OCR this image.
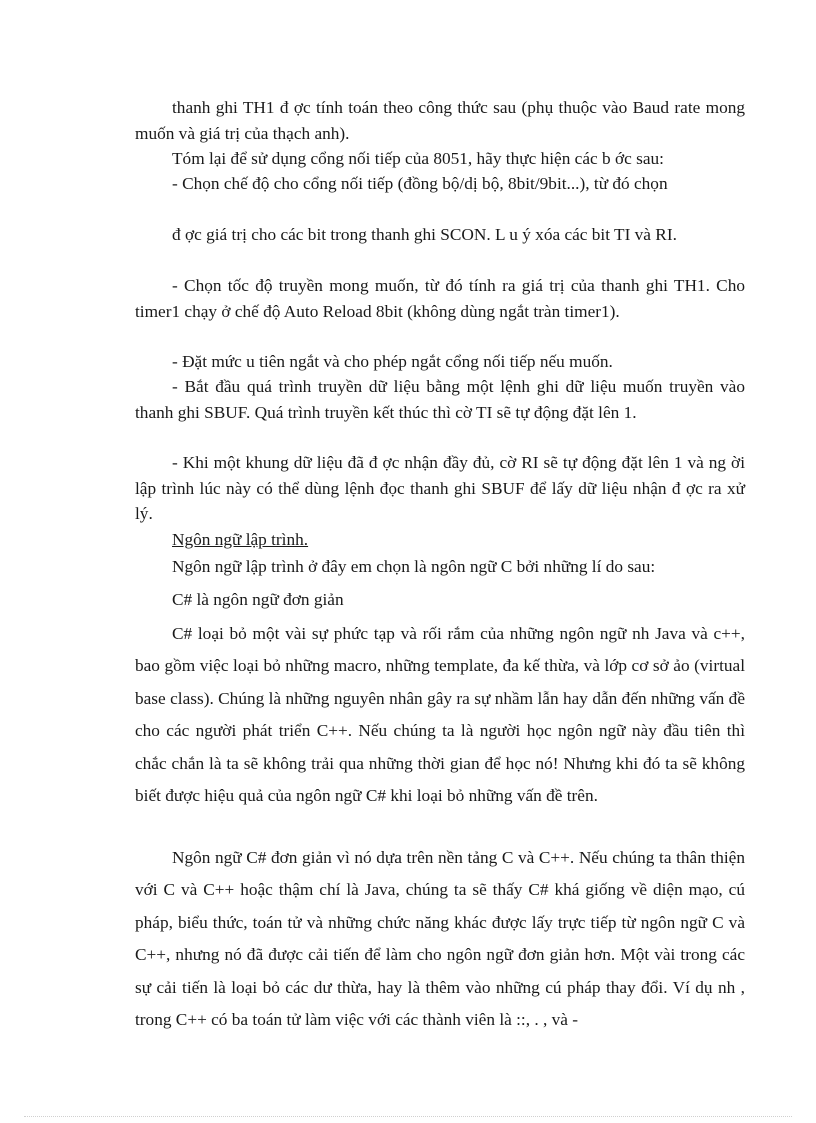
thanh ghi TH1 đ ợc tính toán theo công thức sau (phụ thuộc vào Baud rate mong muốn và giá trị của thạch anh).

Tóm lại để sử dụng cổng nối tiếp của 8051, hãy thực hiện các b ớc sau:

- Chọn chế độ cho cổng nối tiếp (đồng bộ/dị bộ, 8bit/9bit...), từ đó chọn

đ ợc giá trị cho các bit trong thanh ghi SCON. L u ý xóa các bit TI và RI.

- Chọn tốc độ truyền mong muốn, từ đó tính ra giá trị của thanh ghi TH1. Cho timer1 chạy ở chế độ Auto Reload 8bit (không dùng ngắt tràn timer1).

- Đặt mức u tiên ngắt và cho phép ngắt cổng nối tiếp nếu muốn.

- Bắt đầu quá trình truyền dữ liệu bằng một lệnh ghi dữ liệu muốn truyền vào thanh ghi SBUF. Quá trình truyền kết thúc thì cờ TI sẽ tự động đặt lên 1.

- Khi một khung dữ liệu đã đ ợc nhận đầy đủ, cờ RI sẽ tự động đặt lên 1 và ng ời lập trình lúc này có thể dùng lệnh đọc thanh ghi SBUF để lấy dữ liệu nhận đ ợc ra xử lý.

Ngôn ngữ lập trình.

Ngôn ngữ lập trình ở đây em chọn là ngôn ngữ C bởi những lí do sau:

C# là ngôn ngữ đơn giản

C# loại bỏ một vài sự phức tạp và rối rắm của những ngôn ngữ nh Java và c++, bao gồm việc loại bỏ những macro, những template, đa kế thừa, và lớp cơ sở ảo (virtual base class). Chúng là những nguyên nhân gây ra sự nhầm lẫn hay dẫn đến những vấn đề cho các người phát triển C++. Nếu chúng ta là người học ngôn ngữ này đầu tiên thì chắc chắn là ta sẽ không trải qua những thời gian để học nó! Nhưng khi đó ta sẽ không biết được hiệu quả của ngôn ngữ C# khi loại bỏ những vấn đề trên.

Ngôn ngữ C# đơn giản vì nó dựa trên nền tảng C và C++. Nếu chúng ta thân thiện với C và C++ hoậc thậm chí là Java, chúng ta sẽ thấy C# khá giống về diện mạo, cú pháp, biểu thức, toán tử và những chức năng khác được lấy trực tiếp từ ngôn ngữ C và C++, nhưng nó đã được cải tiến để làm cho ngôn ngữ đơn giản hơn. Một vài trong các sự cải tiến là loại bỏ các dư thừa, hay là thêm vào những cú pháp thay đổi. Ví dụ nh , trong C++ có ba toán tử làm việc với các thành viên là ::, . , và -
